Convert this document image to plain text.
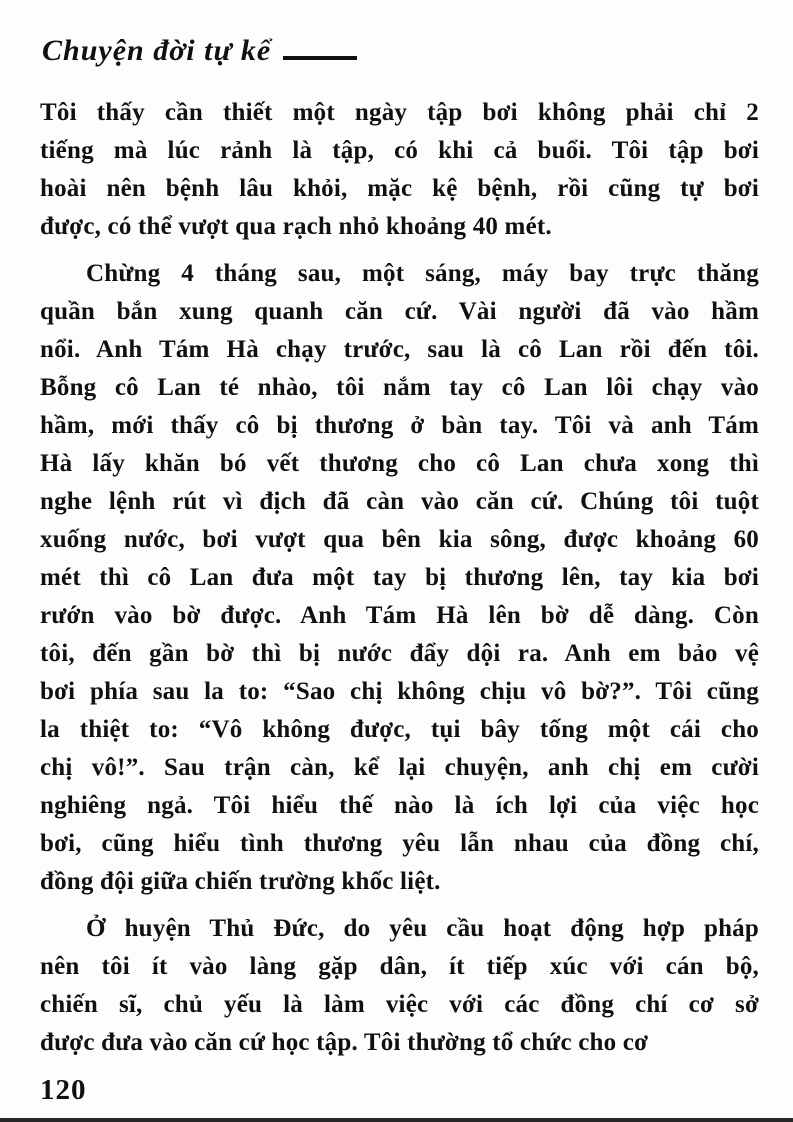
Chuyện đời tự kể
Tôi thấy cần thiết một ngày tập bơi không phải chỉ 2
tiếng mà lúc rảnh là tập, có khi cả buổi. Tôi tập bơi
hoài nên bệnh lâu khỏi, mặc kệ bệnh, rồi cũng tự bơi
được, có thể vượt qua rạch nhỏ khoảng 40 mét.
Chừng 4 tháng sau, một sáng, máy bay trực thăng
quần bắn xung quanh căn cứ. Vài người đã vào hầm
nổi. Anh Tám Hà chạy trước, sau là cô Lan rồi đến tôi.
Bỗng cô Lan té nhào, tôi nắm tay cô Lan lôi chạy vào
hầm, mới thấy cô bị thương ở bàn tay. Tôi và anh Tám
Hà lấy khăn bó vết thương cho cô Lan chưa xong thì
nghe lệnh rút vì địch đã càn vào căn cứ. Chúng tôi tuột
xuống nước, bơi vượt qua bên kia sông, được khoảng 60
mét thì cô Lan đưa một tay bị thương lên, tay kia bơi
rướn vào bờ được. Anh Tám Hà lên bờ dễ dàng. Còn
tôi, đến gần bờ thì bị nước đẩy dội ra. Anh em bảo vệ
bơi phía sau la to: “Sao chị không chịu vô bờ?”. Tôi cũng
la thiệt to: “Vô không được, tụi bây tống một cái cho
chị vô!”. Sau trận càn, kể lại chuyện, anh chị em cười
nghiêng ngả. Tôi hiểu thế nào là ích lợi của việc học
bơi, cũng hiểu tình thương yêu lẫn nhau của đồng chí,
đồng đội giữa chiến trường khốc liệt.
Ở huyện Thủ Đức, do yêu cầu hoạt động hợp pháp
nên tôi ít vào làng gặp dân, ít tiếp xúc với cán bộ,
chiến sĩ, chủ yếu là làm việc với các đồng chí cơ sở
được đưa vào căn cứ học tập. Tôi thường tổ chức cho cơ
120
